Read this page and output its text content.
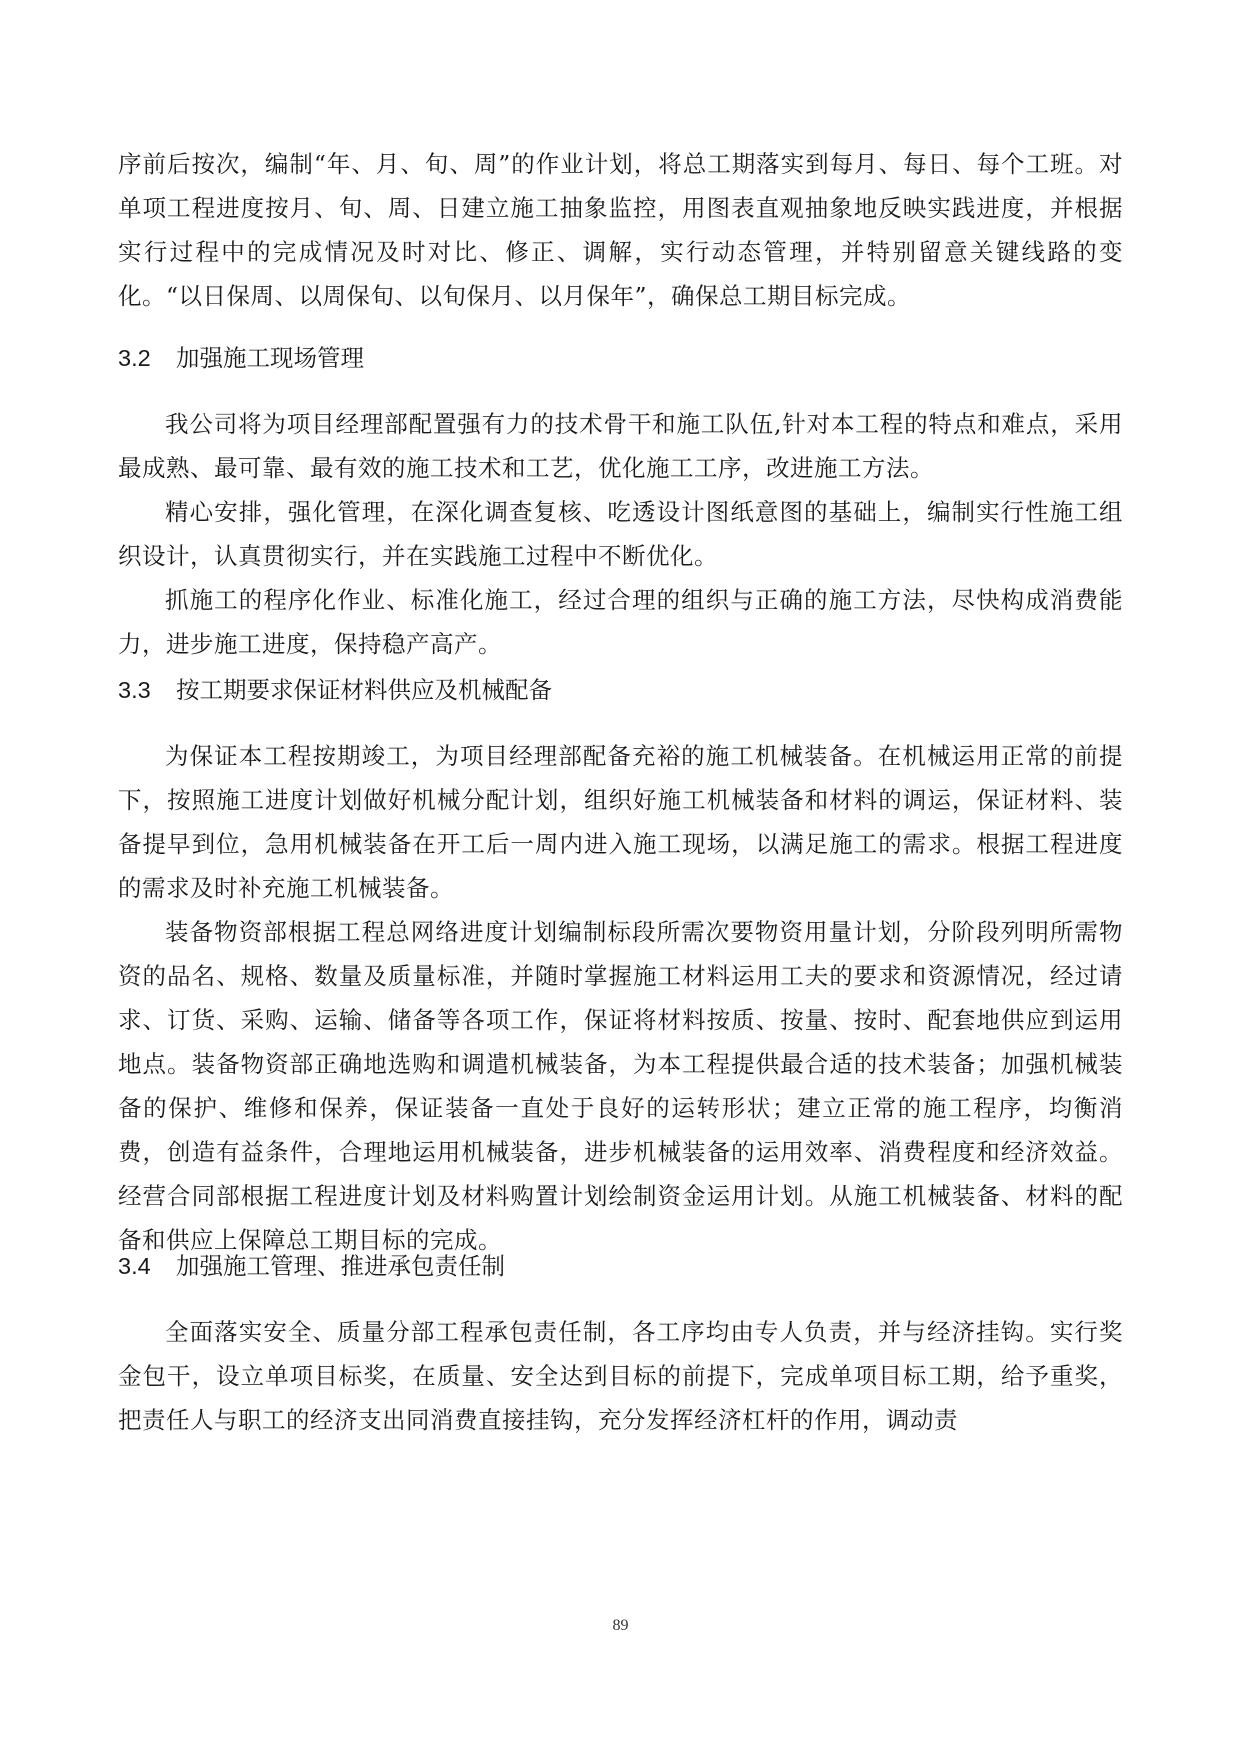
序前后按次，编制“年、月、旬、周”的作业计划，将总工期落实到每月、每日、每个工班。对单项工程进度按月、旬、周、日建立施工抽象监控，用图表直观抽象地反映实践进度，并根据实行过程中的完成情况及时对比、修正、调解，实行动态管理，并特别留意关键线路的变化。“以日保周、以周保旬、以旬保月、以月保年”，确保总工期目标完成。

3.2 加强施工现场管理

我公司将为项目经理部配置强有力的技术骨干和施工队伍,针对本工程的特点和难点，采用最成熟、最可靠、最有效的施工技术和工艺，优化施工工序，改进施工方法。

精心安排，强化管理，在深化调查复核、吃透设计图纸意图的基础上，编制实行性施工组织设计，认真贯彻实行，并在实践施工过程中不断优化。

抓施工的程序化作业、标准化施工，经过合理的组织与正确的施工方法，尽快构成消费能力，进步施工进度，保持稳产高产。

3.3 按工期要求保证材料供应及机械配备

为保证本工程按期竣工，为项目经理部配备充裕的施工机械装备。在机械运用正常的前提下，按照施工进度计划做好机械分配计划，组织好施工机械装备和材料的调运，保证材料、装备提早到位，急用机械装备在开工后一周内进入施工现场，以满足施工的需求。根据工程进度的需求及时补充施工机械装备。

装备物资部根据工程总网络进度计划编制标段所需次要物资用量计划，分阶段列明所需物资的品名、规格、数量及质量标准，并随时掌握施工材料运用工夫的要求和资源情况，经过请求、订货、采购、运输、储备等各项工作，保证将材料按质、按量、按时、配套地供应到运用地点。装备物资部正确地选购和调遣机械装备，为本工程提供最合适的技术装备；加强机械装备的保护、维修和保养，保证装备一直处于良好的运转形状；建立正常的施工程序，均衡消费，创造有益条件，合理地运用机械装备，进步机械装备的运用效率、消费程度和经济效益。经营合同部根据工程进度计划及材料购置计划绘制资金运用计划。从施工机械装备、材料的配备和供应上保障总工期目标的完成。

3.4 加强施工管理、推进承包责任制

全面落实安全、质量分部工程承包责任制，各工序均由专人负责，并与经济挂钩。实行奖金包干，设立单项目标奖，在质量、安全达到目标的前提下，完成单项目标工期，给予重奖，把责任人与职工的经济支出同消费直接挂钩，充分发挥经济杠杆的作用，调动责

89
